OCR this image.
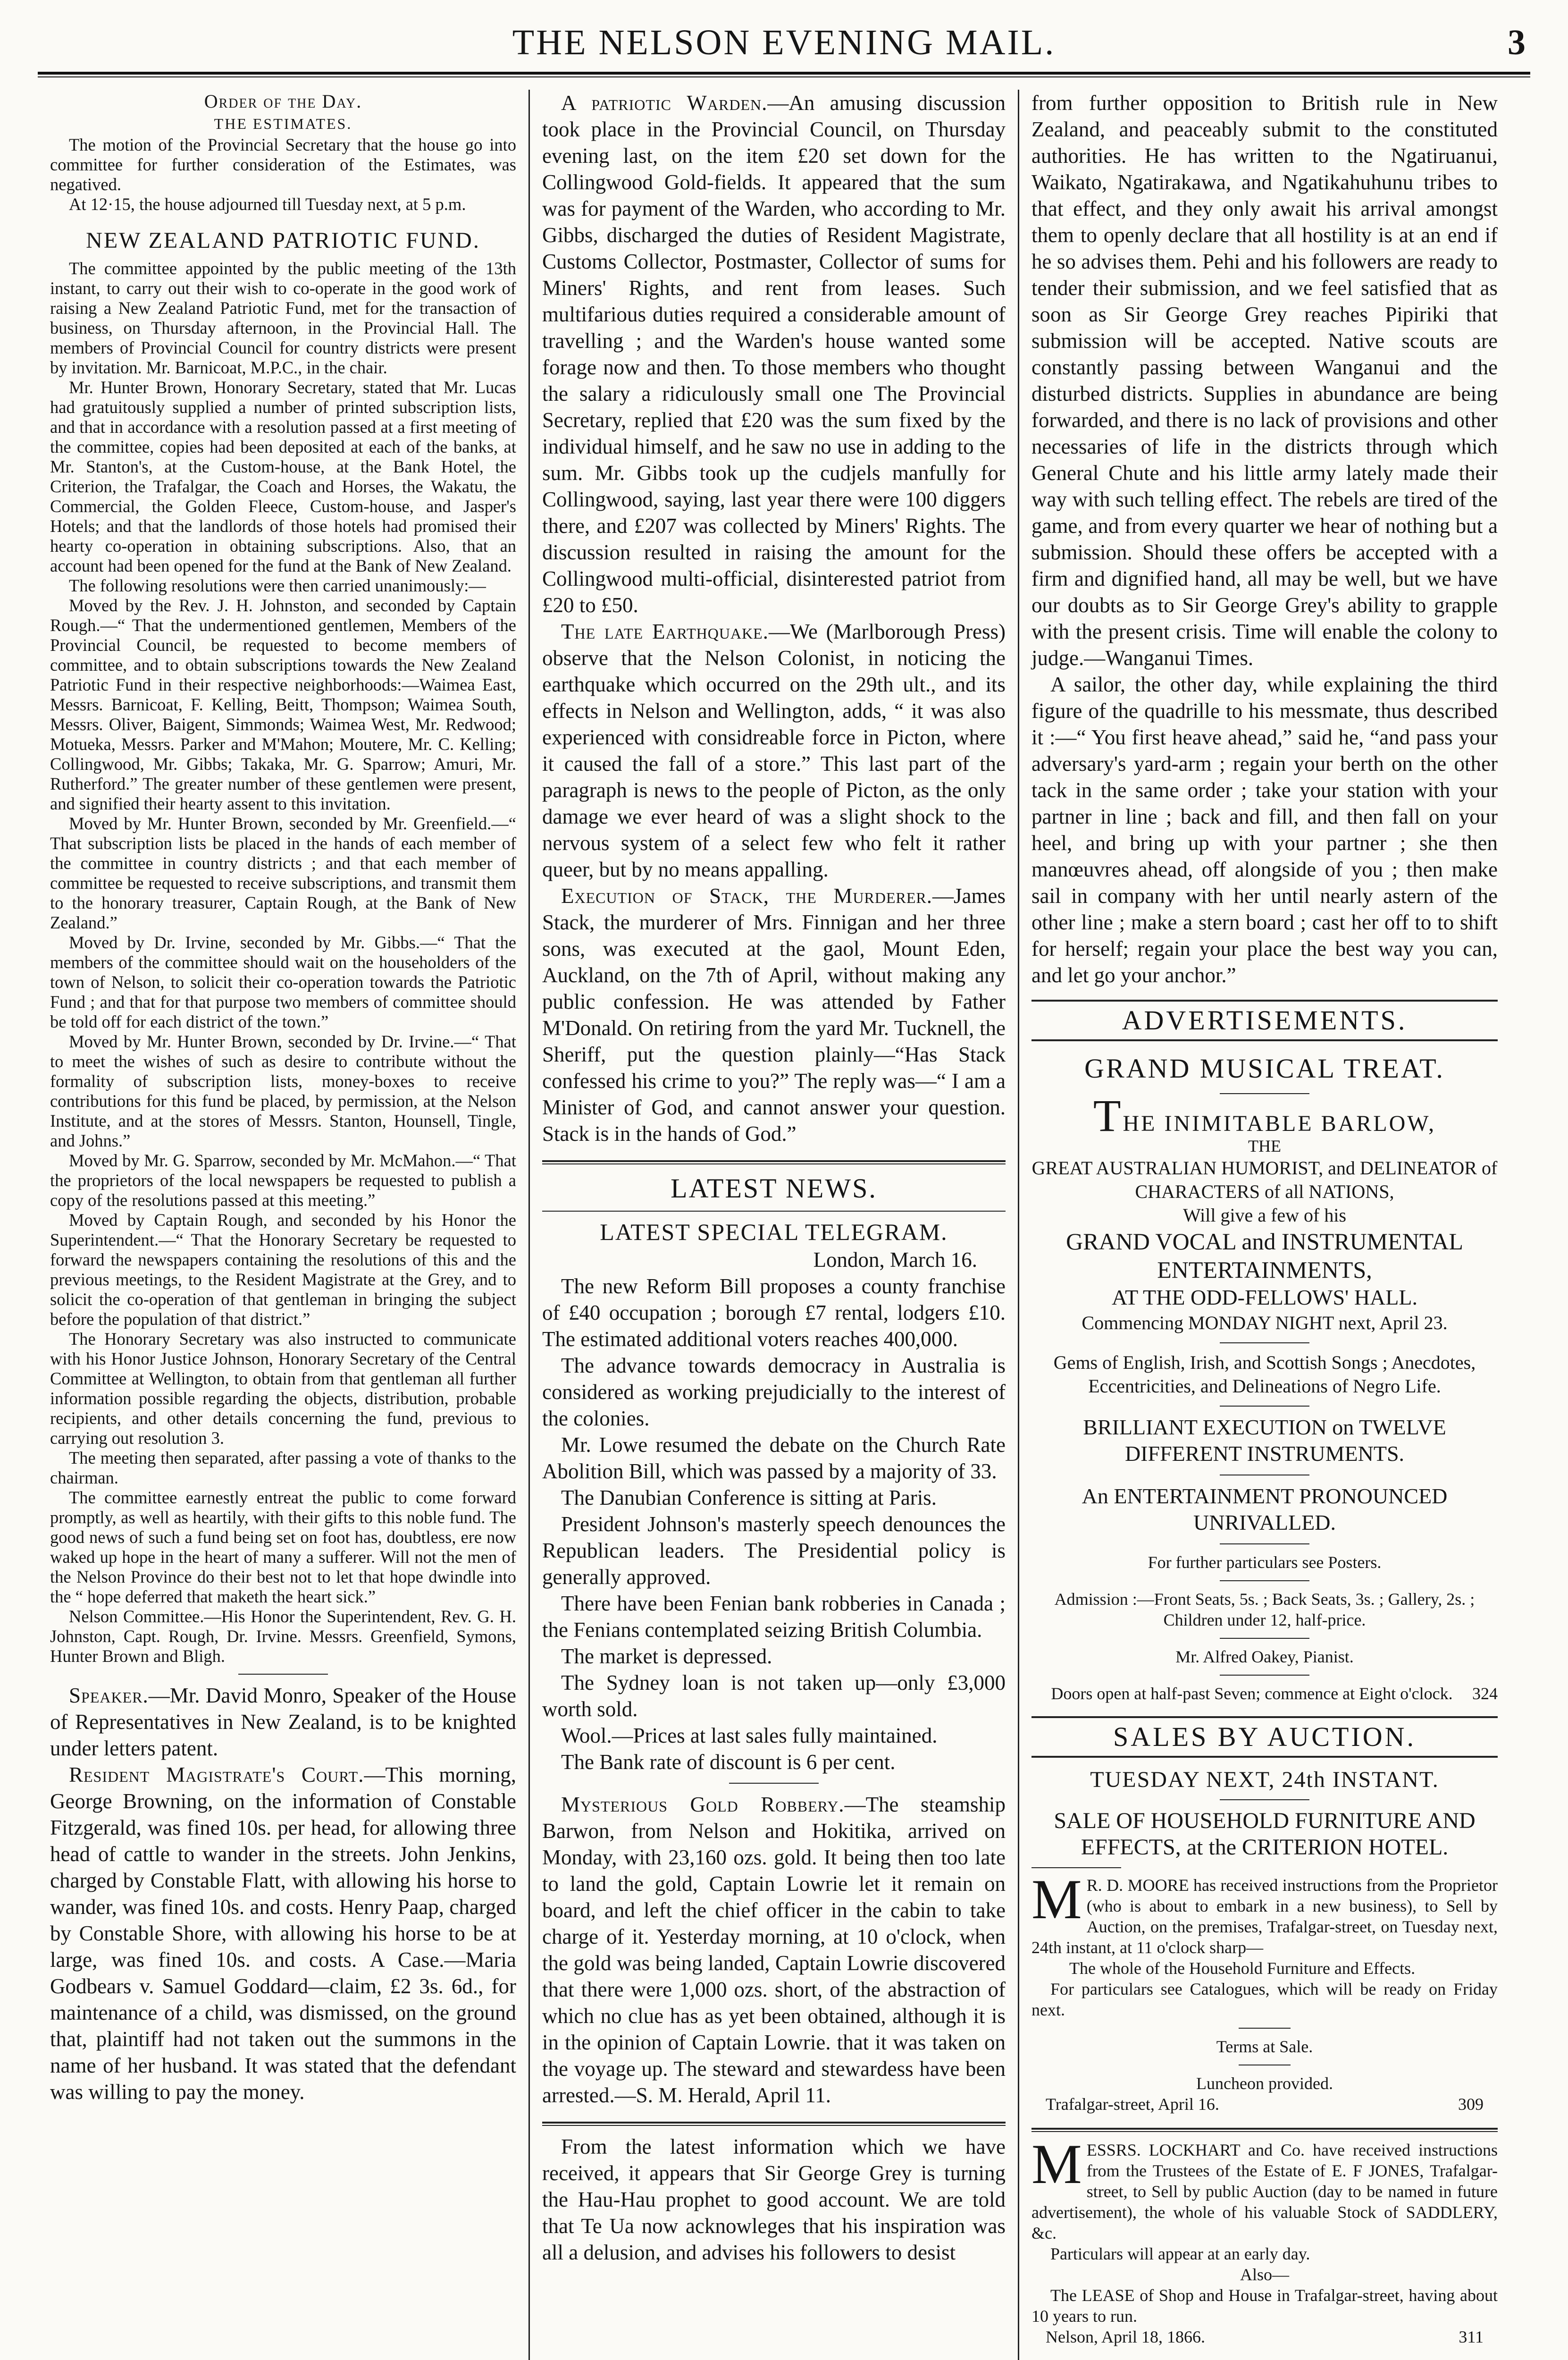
THE NELSON EVENING MAIL.	3
Order of the Day.
THE ESTIMATES.

The motion of the Provincial Secretary that the house go into committee for further consideration of the Estimates, was negatived.

At 12·15, the house adjourned till Tuesday next, at 5 p.m.

NEW ZEALAND PATRIOTIC FUND.

The committee appointed by the public meeting of the 13th instant, to carry out their wish to co-operate in the good work of raising a New Zealand Patriotic Fund, met for the transaction of business, on Thursday afternoon, in the Provincial Hall. The members of Provincial Council for country districts were present by invitation. Mr. Barnicoat, M.P.C., in the chair.

Mr. Hunter Brown, Honorary Secretary, stated that Mr. Lucas had gratuitously supplied a number of printed subscription lists, and that in accordance with a resolution passed at a first meeting of the committee, copies had been deposited at each of the banks, at Mr. Stanton's, at the Custom-house, at the Bank Hotel, the Criterion, the Trafalgar, the Coach and Horses, the Wakatu, the Commercial, the Golden Fleece, Custom-house, and Jasper's Hotels; and that the landlords of those hotels had promised their hearty co-operation in obtaining subscriptions. Also, that an account had been opened for the fund at the Bank of New Zealand.

The following resolutions were then carried unanimously:—

Moved by the Rev. J. H. Johnston, and seconded by Captain Rough.—“ That the undermentioned gentlemen, Members of the Provincial Council, be requested to become members of committee, and to obtain subscriptions towards the New Zealand Patriotic Fund in their respective neighborhoods:—Waimea East, Messrs. Barnicoat, F. Kelling, Beitt, Thompson; Waimea South, Messrs. Oliver, Baigent, Simmonds; Waimea West, Mr. Redwood; Motueka, Messrs. Parker and M'Mahon; Moutere, Mr. C. Kelling; Collingwood, Mr. Gibbs; Takaka, Mr. G. Sparrow; Amuri, Mr. Rutherford.” The greater number of these gentlemen were present, and signified their hearty assent to this invitation.

Moved by Mr. Hunter Brown, seconded by Mr. Greenfield.—“ That subscription lists be placed in the hands of each member of the committee in country districts ; and that each member of committee be requested to receive subscriptions, and transmit them to the honorary treasurer, Captain Rough, at the Bank of New Zealand.”

Moved by Dr. Irvine, seconded by Mr. Gibbs.—“ That the members of the committee should wait on the householders of the town of Nelson, to solicit their co-operation towards the Patriotic Fund ; and that for that purpose two members of committee should be told off for each district of the town.”

Moved by Mr. Hunter Brown, seconded by Dr. Irvine.—“ That to meet the wishes of such as desire to contribute without the formality of subscription lists, money-boxes to receive contributions for this fund be placed, by permission, at the Nelson Institute, and at the stores of Messrs. Stanton, Hounsell, Tingle, and Johns.”

Moved by Mr. G. Sparrow, seconded by Mr. McMahon.—“ That the proprietors of the local newspapers be requested to publish a copy of the resolutions passed at this meeting.”

Moved by Captain Rough, and seconded by his Honor the Superintendent.—“ That the Honorary Secretary be requested to forward the newspapers containing the resolutions of this and the previous meetings, to the Resident Magistrate at the Grey, and to solicit the co-operation of that gentleman in bringing the subject before the population of that district.”

The Honorary Secretary was also instructed to communicate with his Honor Justice Johnson, Honorary Secretary of the Central Committee at Wellington, to obtain from that gentleman all further information possible regarding the objects, distribution, probable recipients, and other details concerning the fund, previous to carrying out resolution 3.

The meeting then separated, after passing a vote of thanks to the chairman.

The committee earnestly entreat the public to come forward promptly, as well as heartily, with their gifts to this noble fund. The good news of such a fund being set on foot has, doubtless, ere now waked up hope in the heart of many a sufferer. Will not the men of the Nelson Province do their best not to let that hope dwindle into the “ hope deferred that maketh the heart sick.”

Nelson Committee.—His Honor the Superintendent, Rev. G. H. Johnston, Capt. Rough, Dr. Irvine. Messrs. Greenfield, Symons, Hunter Brown and Bligh.

Speaker.—Mr. David Monro, Speaker of the House of Representatives in New Zealand, is to be knighted under letters patent.

Resident Magistrate's Court.—This morning, George Browning, on the information of Constable Fitzgerald, was fined 10s. per head, for allowing three head of cattle to wander in the streets. John Jenkins, charged by Constable Flatt, with allowing his horse to wander, was fined 10s. and costs. Henry Paap, charged by Constable Shore, with allowing his horse to be at large, was fined 10s. and costs. A Case.—Maria Godbears v. Samuel Goddard—claim, £2 3s. 6d., for maintenance of a child, was dismissed, on the ground that, plaintiff had not taken out the summons in the name of her husband. It was stated that the defendant was willing to pay the money.

A patriotic Warden.—An amusing discussion took place in the Provincial Council, on Thursday evening last, on the item £20 set down for the Collingwood Gold-fields. It appeared that the sum was for payment of the Warden, who according to Mr. Gibbs, discharged the duties of Resident Magistrate, Customs Collector, Postmaster, Collector of sums for Miners' Rights, and rent from leases. Such multifarious duties required a considerable amount of travelling ; and the Warden's house wanted some forage now and then. To those members who thought the salary a ridiculously small one The Provincial Secretary, replied that £20 was the sum fixed by the individual himself, and he saw no use in adding to the sum. Mr. Gibbs took up the cudjels manfully for Collingwood, saying, last year there were 100 diggers there, and £207 was collected by Miners' Rights. The discussion resulted in raising the amount for the Collingwood multi-official, disinterested patriot from £20 to £50.

The late Earthquake.—We (Marlborough Press) observe that the Nelson Colonist, in noticing the earthquake which occurred on the 29th ult., and its effects in Nelson and Wellington, adds, “ it was also experienced with considreable force in Picton, where it caused the fall of a store.” This last part of the paragraph is news to the people of Picton, as the only damage we ever heard of was a slight shock to the nervous system of a select few who felt it rather queer, but by no means appalling.

Execution of Stack, the Murderer.—James Stack, the murderer of Mrs. Finnigan and her three sons, was executed at the gaol, Mount Eden, Auckland, on the 7th of April, without making any public confession. He was attended by Father M'Donald. On retiring from the yard Mr. Tucknell, the Sheriff, put the question plainly—“Has Stack confessed his crime to you?” The reply was—“ I am a Minister of God, and cannot answer your question. Stack is in the hands of God.”

LATEST NEWS.
LATEST SPECIAL TELEGRAM.
London, March 16.

The new Reform Bill proposes a county franchise of £40 occupation ; borough £7 rental, lodgers £10. The estimated additional voters reaches 400,000.

The advance towards democracy in Australia is considered as working prejudicially to the interest of the colonies.

Mr. Lowe resumed the debate on the Church Rate Abolition Bill, which was passed by a majority of 33.

The Danubian Conference is sitting at Paris.

President Johnson's masterly speech denounces the Republican leaders. The Presidential policy is generally approved.

There have been Fenian bank robberies in Canada ; the Fenians contemplated seizing British Columbia.

The market is depressed.

The Sydney loan is not taken up—only £3,000 worth sold.

Wool.—Prices at last sales fully maintained.

The Bank rate of discount is 6 per cent.

Mysterious Gold Robbery.—The steamship Barwon, from Nelson and Hokitika, arrived on Monday, with 23,160 ozs. gold. It being then too late to land the gold, Captain Lowrie let it remain on board, and left the chief officer in the cabin to take charge of it. Yesterday morning, at 10 o'clock, when the gold was being landed, Captain Lowrie discovered that there were 1,000 ozs. short, of the abstraction of which no clue has as yet been obtained, although it is in the opinion of Captain Lowrie. that it was taken on the voyage up. The steward and stewardess have been arrested.—S. M. Herald, April 11.

From the latest information which we have received, it appears that Sir George Grey is turning the Hau-Hau prophet to good account. We are told that Te Ua now acknowleges that his inspiration was all a delusion, and advises his followers to desist

from further opposition to British rule in New Zealand, and peaceably submit to the constituted authorities. He has written to the Ngatiruanui, Waikato, Ngatirakawa, and Ngatikahuhunu tribes to that effect, and they only await his arrival amongst them to openly declare that all hostility is at an end if he so advises them. Pehi and his followers are ready to tender their submission, and we feel satisfied that as soon as Sir George Grey reaches Pipiriki that submission will be accepted. Native scouts are constantly passing between Wanganui and the disturbed districts. Supplies in abundance are being forwarded, and there is no lack of provisions and other necessaries of life in the districts through which General Chute and his little army lately made their way with such telling effect. The rebels are tired of the game, and from every quarter we hear of nothing but a submission. Should these offers be accepted with a firm and dignified hand, all may be well, but we have our doubts as to Sir George Grey's ability to grapple with the present crisis. Time will enable the colony to judge.—Wanganui Times.

A sailor, the other day, while explaining the third figure of the quadrille to his messmate, thus described it :—“ You first heave ahead,” said he, “and pass your adversary's yard-arm ; regain your berth on the other tack in the same order ; take your station with your partner in line ; back and fill, and then fall on your heel, and bring up with your partner ; she then manœuvres ahead, off alongside of you ; then make sail in company with her until nearly astern of the other line ; make a stern board ; cast her off to to shift for herself; regain your place the best way you can, and let go your anchor.”

ADVERTISEMENTS.
GRAND MUSICAL TREAT.
THE INIMITABLE BARLOW,
THE
GREAT AUSTRALIAN HUMORIST, and DELINEATOR of CHARACTERS of all NATIONS,
Will give a few of his
GRAND VOCAL and INSTRUMENTAL ENTERTAINMENTS,
AT THE ODD-FELLOWS' HALL.
Commencing MONDAY NIGHT next, April 23.
Gems of English, Irish, and Scottish Songs ; Anecdotes, Eccentricities, and Delineations of Negro Life.
BRILLIANT EXECUTION on TWELVE DIFFERENT INSTRUMENTS.
An ENTERTAINMENT PRONOUNCED UNRIVALLED.
For further particulars see Posters.
Admission :—Front Seats, 5s. ; Back Seats, 3s. ; Gallery, 2s. ; Children under 12, half-price.
Mr. Alfred Oakey, Pianist.
Doors open at half-past Seven; commence at Eight o'clock. 324
SALES BY AUCTION.
TUESDAY NEXT, 24th INSTANT.
SALE OF HOUSEHOLD FURNITURE AND EFFECTS, at the CRITERION HOTEL.

M R. D. MOORE has received instructions from the Proprietor (who is about to embark in a new business), to Sell by Auction, on the premises, Trafalgar-street, on Tuesday next, 24th instant, at 11 o'clock sharp—

The whole of the Household Furniture and Effects.

For particulars see Catalogues, which will be ready on Friday next.

Terms at Sale.
Luncheon provided.
Trafalgar-street, April 16.	309

MESSRS. LOCKHART and Co. have received instructions from the Trustees of the Estate of E. F JONES, Trafalgar-street, to Sell by public Auction (day to be named in future advertisement), the whole of his valuable Stock of SADDLERY, &c.

Particulars will appear at an early day.

Also—

The LEASE of Shop and House in Trafalgar-street, having about 10 years to run.

Nelson, April 18, 1866.	311
